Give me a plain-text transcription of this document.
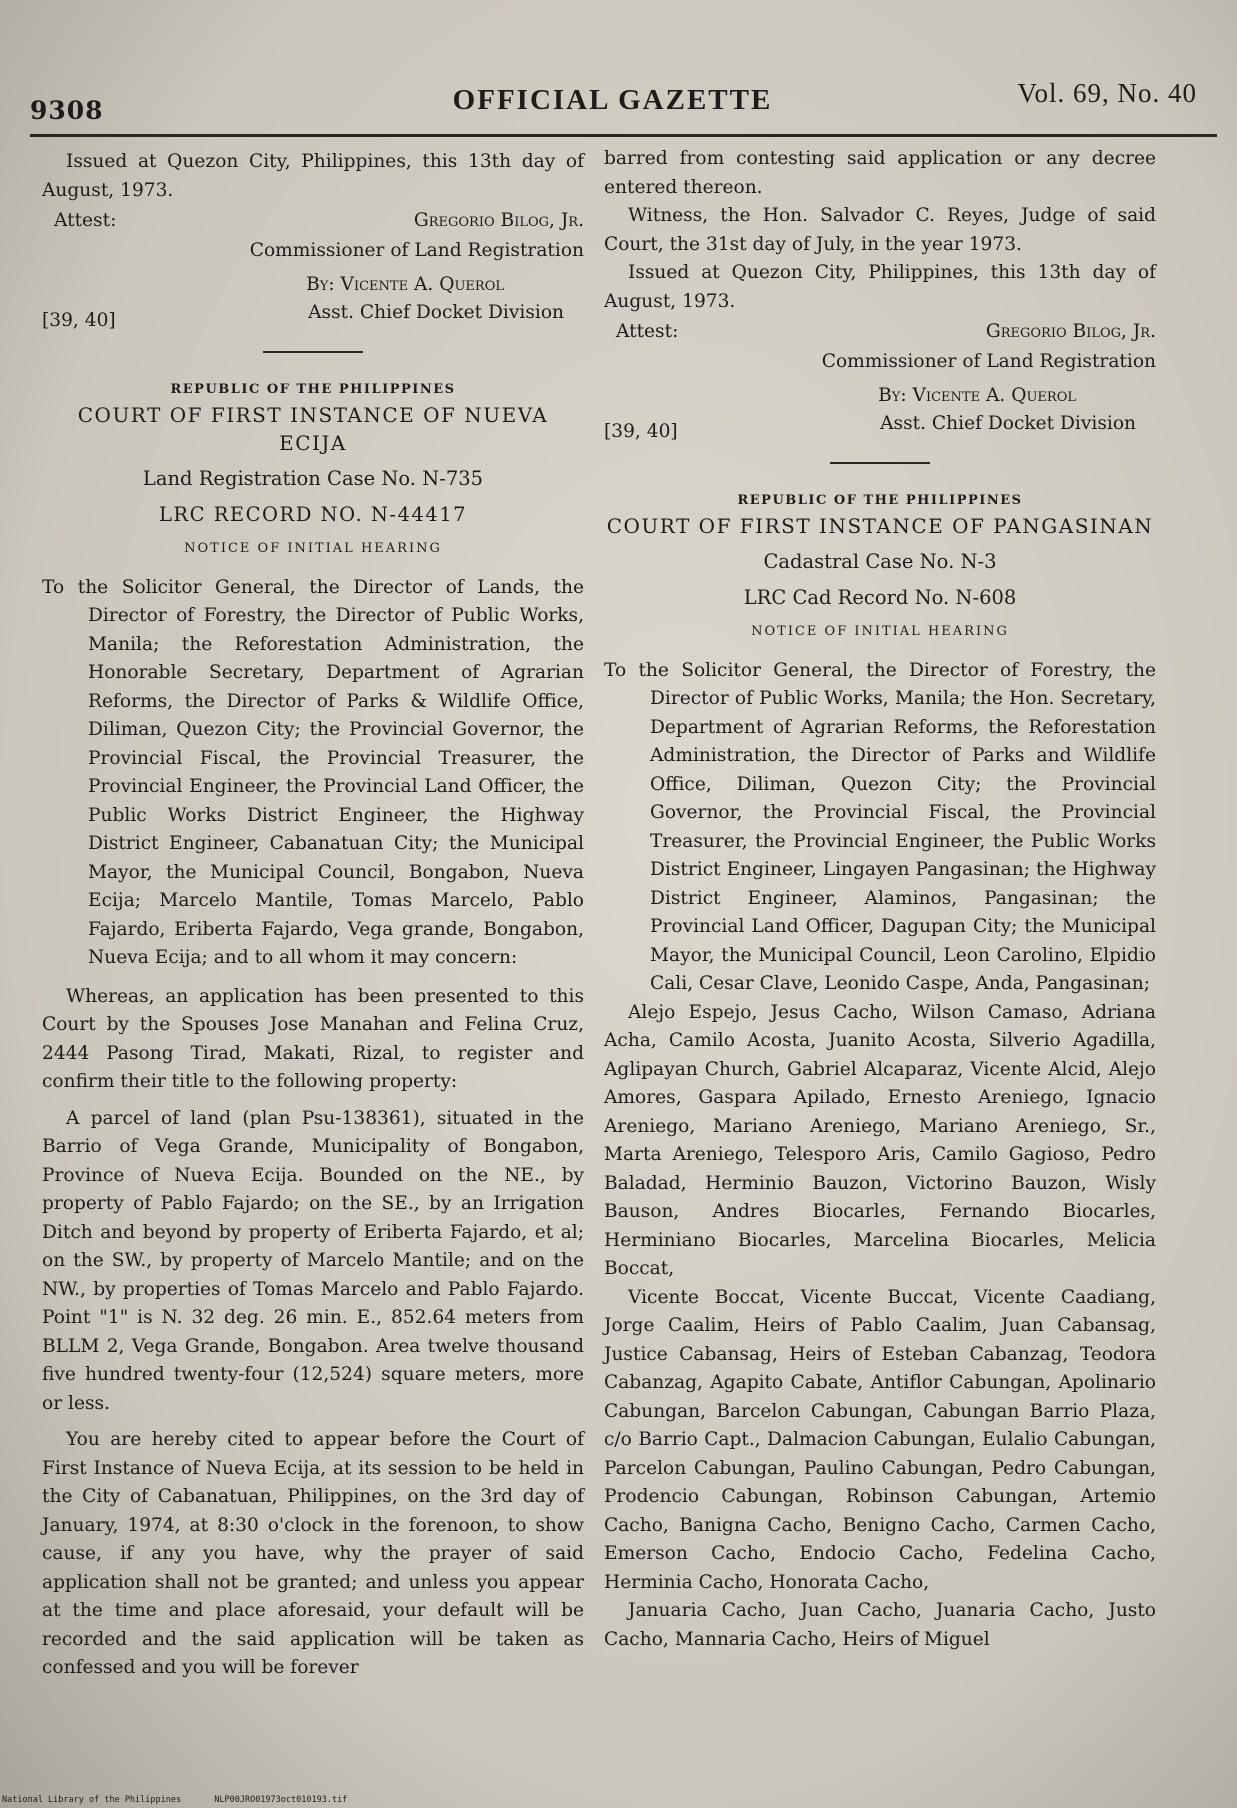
9308	OFFICIAL GAZETTE	Vol. 69, No. 40

Issued at Quezon City, Philippines, this 13th day of August, 1973.

Attest:	Gregorio Bilog, Jr.
Commissioner of Land Registration
By: Vicente A. Querol
Asst. Chief Docket Division
[39, 40]
REPUBLIC OF THE PHILIPPINES
COURT OF FIRST INSTANCE OF NUEVA ECIJA
Land Registration Case No. N-735
LRC RECORD NO. N-44417
NOTICE OF INITIAL HEARING

To the Solicitor General, the Director of Lands, the Director of Forestry, the Director of Public Works, Manila; the Reforestation Administration, the Honorable Secretary, Department of Agrarian Reforms, the Director of Parks & Wildlife Office, Diliman, Quezon City; the Provincial Governor, the Provincial Fiscal, the Provincial Treasurer, the Provincial Engineer, the Provincial Land Officer, the Public Works District Engineer, the Highway District Engineer, Cabanatuan City; the Municipal Mayor, the Municipal Council, Bongabon, Nueva Ecija; Marcelo Mantile, Tomas Marcelo, Pablo Fajardo, Eriberta Fajardo, Vega grande, Bongabon, Nueva Ecija; and to all whom it may concern:

Whereas, an application has been presented to this Court by the Spouses Jose Manahan and Felina Cruz, 2444 Pasong Tirad, Makati, Rizal, to register and confirm their title to the following property:

A parcel of land (plan Psu-138361), situated in the Barrio of Vega Grande, Municipality of Bongabon, Province of Nueva Ecija. Bounded on the NE., by property of Pablo Fajardo; on the SE., by an Irrigation Ditch and beyond by property of Eriberta Fajardo, et al; on the SW., by property of Marcelo Mantile; and on the NW., by properties of Tomas Marcelo and Pablo Fajardo. Point "1" is N. 32 deg. 26 min. E., 852.64 meters from BLLM 2, Vega Grande, Bongabon. Area twelve thousand five hundred twenty-four (12,524) square meters, more or less.

You are hereby cited to appear before the Court of First Instance of Nueva Ecija, at its session to be held in the City of Cabanatuan, Philippines, on the 3rd day of January, 1974, at 8:30 o'clock in the forenoon, to show cause, if any you have, why the prayer of said application shall not be granted; and unless you appear at the time and place aforesaid, your default will be recorded and the said application will be taken as confessed and you will be forever

barred from contesting said application or any decree entered thereon.

Witness, the Hon. Salvador C. Reyes, Judge of said Court, the 31st day of July, in the year 1973.

Issued at Quezon City, Philippines, this 13th day of August, 1973.

Attest:	Gregorio Bilog, Jr.
Commissioner of Land Registration
By: Vicente A. Querol
Asst. Chief Docket Division
[39, 40]
REPUBLIC OF THE PHILIPPINES
COURT OF FIRST INSTANCE OF PANGASINAN
Cadastral Case No. N-3
LRC Cad Record No. N-608
NOTICE OF INITIAL HEARING

To the Solicitor General, the Director of Forestry, the Director of Public Works, Manila; the Hon. Secretary, Department of Agrarian Reforms, the Reforestation Administration, the Director of Parks and Wildlife Office, Diliman, Quezon City; the Provincial Governor, the Provincial Fiscal, the Provincial Treasurer, the Provincial Engineer, the Public Works District Engineer, Lingayen Pangasinan; the Highway District Engineer, Alaminos, Pangasinan; the Provincial Land Officer, Dagupan City; the Municipal Mayor, the Municipal Council, Leon Carolino, Elpidio Cali, Cesar Clave, Leonido Caspe, Anda, Pangasinan;

Alejo Espejo, Jesus Cacho, Wilson Camaso, Adriana Acha, Camilo Acosta, Juanito Acosta, Silverio Agadilla, Aglipayan Church, Gabriel Alcaparaz, Vicente Alcid, Alejo Amores, Gaspara Apilado, Ernesto Areniego, Ignacio Areniego, Mariano Areniego, Mariano Areniego, Sr., Marta Areniego, Telesporo Aris, Camilo Gagioso, Pedro Baladad, Herminio Bauzon, Victorino Bauzon, Wisly Bauson, Andres Biocarles, Fernando Biocarles, Herminiano Biocarles, Marcelina Biocarles, Melicia Boccat,

Vicente Boccat, Vicente Buccat, Vicente Caadiang, Jorge Caalim, Heirs of Pablo Caalim, Juan Cabansag, Justice Cabansag, Heirs of Esteban Cabanzag, Teodora Cabanzag, Agapito Cabate, Antiflor Cabungan, Apolinario Cabungan, Barcelon Cabungan, Cabungan Barrio Plaza, c/o Barrio Capt., Dalmacion Cabungan, Eulalio Cabungan, Parcelon Cabungan, Paulino Cabungan, Pedro Cabungan, Prodencio Cabungan, Robinson Cabungan, Artemio Cacho, Banigna Cacho, Benigno Cacho, Carmen Cacho, Emerson Cacho, Endocio Cacho, Fedelina Cacho, Herminia Cacho, Honorata Cacho,

Januaria Cacho, Juan Cacho, Juanaria Cacho, Justo Cacho, Mannaria Cacho, Heirs of Miguel

National Library of the Philippines	NLP00JRO01973oct010193.tif
